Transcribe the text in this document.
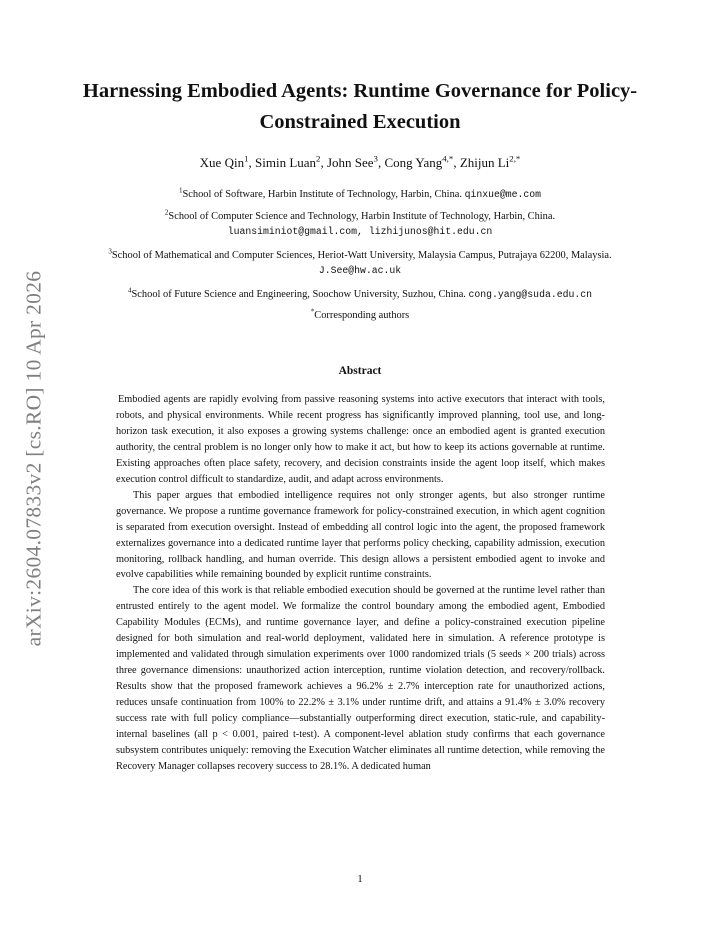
arXiv:2604.07833v2 [cs.RO] 10 Apr 2026
Harnessing Embodied Agents: Runtime Governance for Policy-Constrained Execution
Xue Qin$^1$, Simin Luan$^2$, John See$^3$, Cong Yang$^{4,*}$, Zhijun $Li^{2,*}$
$^1$School of Software, Harbin Institute of Technology, Harbin, China. qinxue@me.com
$^2$School of Computer Science and Technology, Harbin Institute of Technology, Harbin, China.
luansiminiot@gmail.com, lizhijunos@hit.edu.cn
$^3$School of Mathematical and Computer Sciences, Heriot-Watt University, Malaysia Campus, Putrajaya 62200, Malaysia. J.See@hw.ac.uk
$^4$School of Future Science and Engineering, Soochow University, Suzhou, China. cong.yang@suda.edu.cn
*Corresponding authors
Abstract

Embodied agents are rapidly evolving from passive reasoning systems into active executors that interact with tools, robots, and physical environments. While recent progress has significantly improved planning, tool use, and long-horizon task execution, it also exposes a growing systems challenge: once an embodied agent is granted execution authority, the central problem is no longer only how to make it act, but how to keep its actions governable at runtime. Existing approaches often place safety, recovery, and decision constraints inside the agent loop itself, which makes execution control difficult to standardize, audit, and adapt across environments.

This paper argues that embodied intelligence requires not only stronger agents, but also stronger runtime governance. We propose a runtime governance framework for policy-constrained execution, in which agent cognition is separated from execution oversight. Instead of embedding all control logic into the agent, the proposed framework externalizes governance into a dedicated runtime layer that performs policy checking, capability admission, execution monitoring, rollback handling, and human override. This design allows a persistent embodied agent to invoke and evolve capabilities while remaining bounded by explicit runtime constraints.

The core idea of this work is that reliable embodied execution should be governed at the runtime level rather than entrusted entirely to the agent model. We formalize the control boundary among the embodied agent, Embodied Capability Modules (ECMs), and runtime governance layer, and define a policy-constrained execution pipeline designed for both simulation and real-world deployment, validated here in simulation. A reference prototype is implemented and validated through simulation experiments over 1000 randomized trials (5 seeds × 200 trials) across three governance dimensions: unauthorized action interception, runtime violation detection, and recovery/rollback. Results show that the proposed framework achieves a 96.2% ± 2.7% interception rate for unauthorized actions, reduces unsafe continuation from 100% to 22.2% ± 3.1% under runtime drift, and attains a 91.4% ± 3.0% recovery success rate with full policy compliance—substantially outperforming direct execution, static-rule, and capability-internal baselines (all p < 0.001, paired t-test). A component-level ablation study confirms that each governance subsystem contributes uniquely: removing the Execution Watcher eliminates all runtime detection, while removing the Recovery Manager collapses recovery success to 28.1%. A dedicated human

1
